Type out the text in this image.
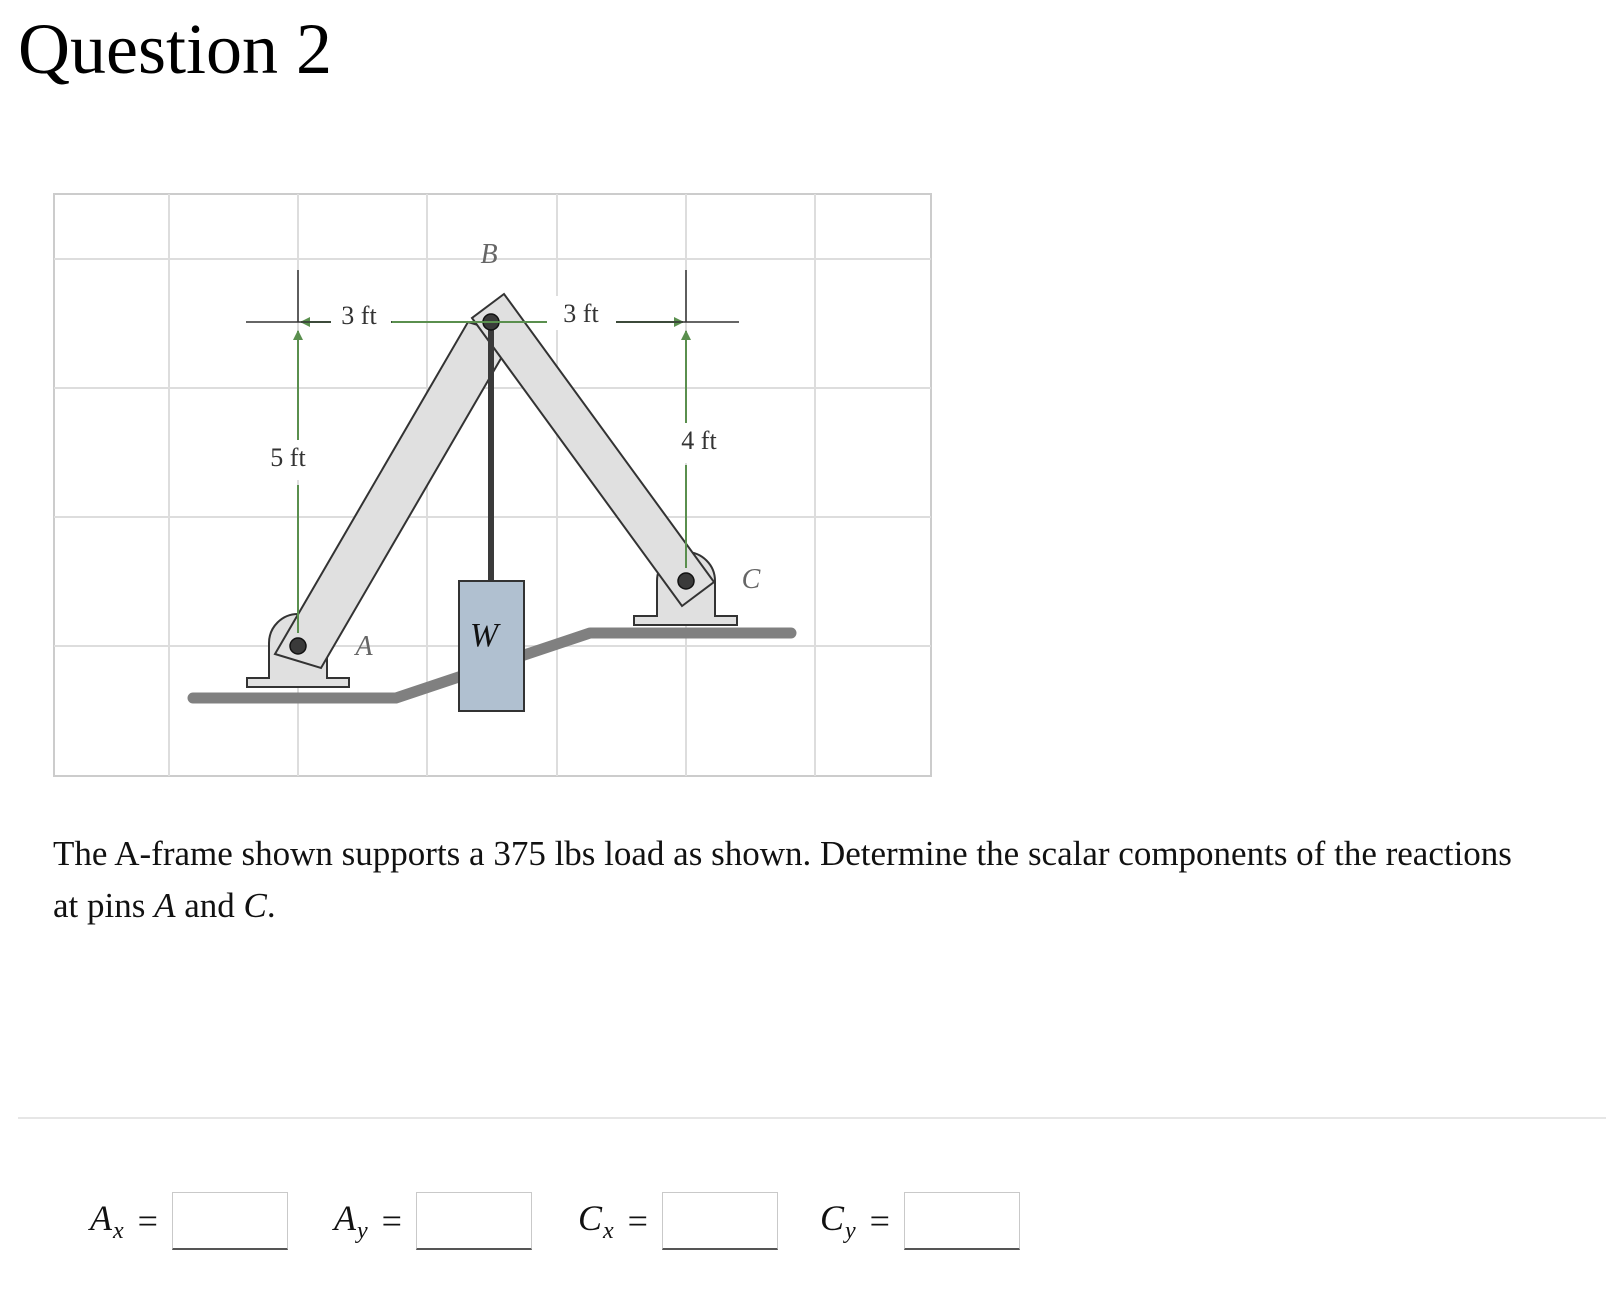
Question 2
B
A
C
W
3 ft	3 ft
5 ft
4 ft

The A-frame shown supports a 375 lbs load as shown. Determine the scalar components of the reactions at pins A and C.

$A_x$ =	$A_y$ =	$C_x$ =	$C_y$ =
